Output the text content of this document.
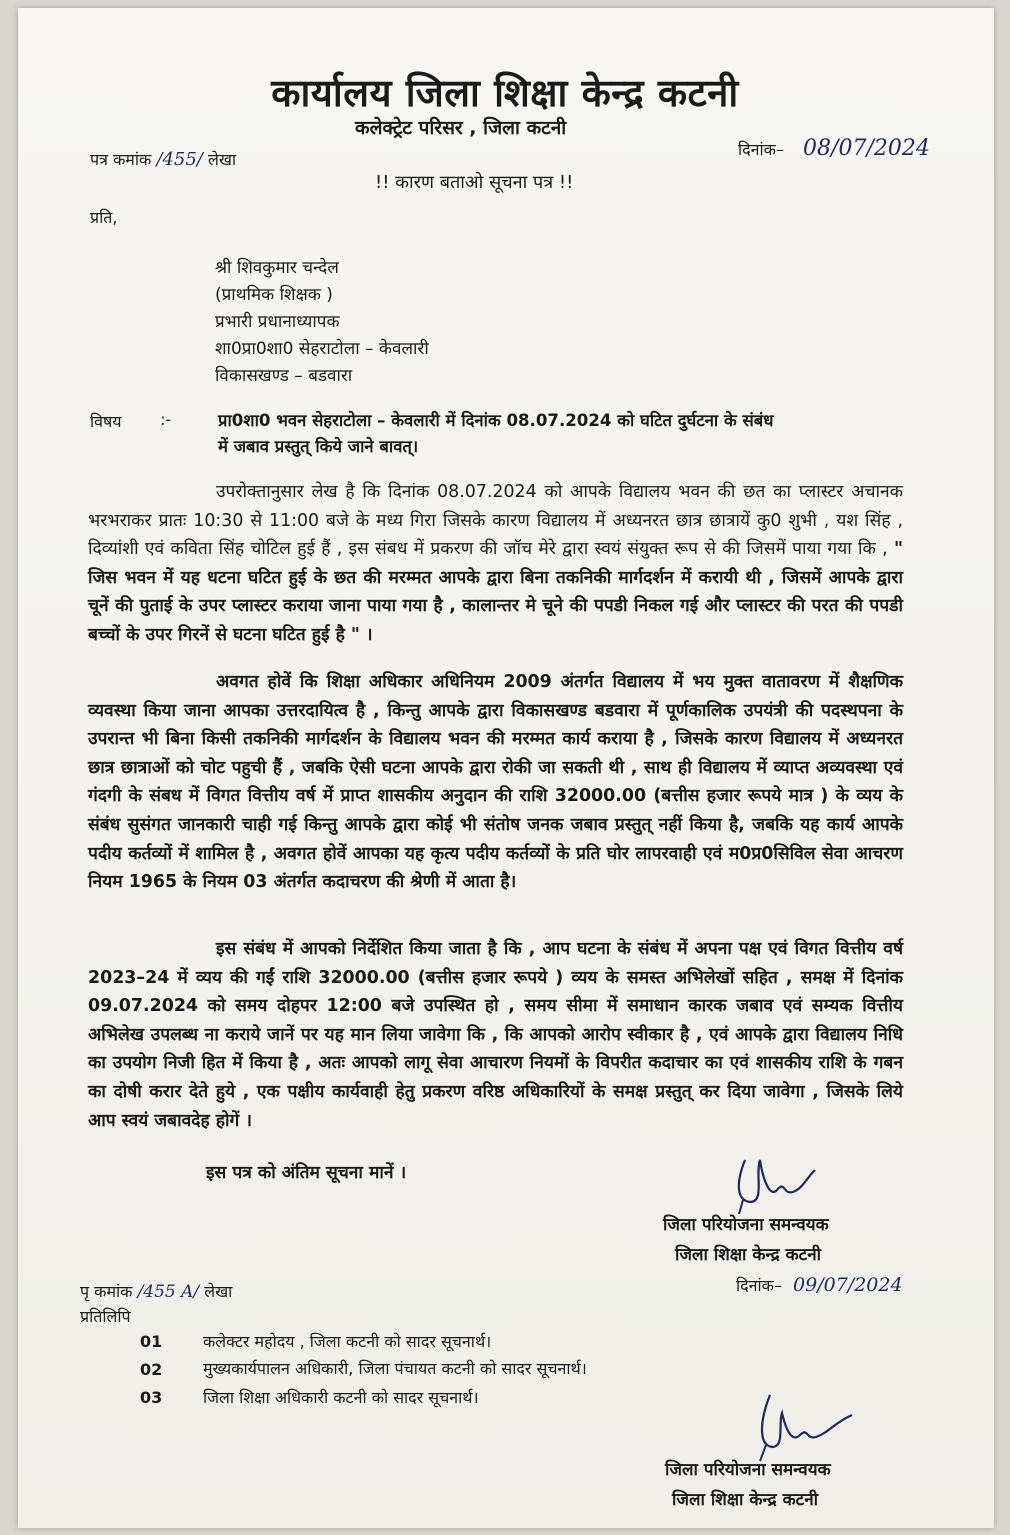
कार्यालय जिला शिक्षा केन्द्र कटनी
कलेक्ट्रेट परिसर , जिला कटनी
पत्र कमांक /455/ लेखा
दिनांक– 08/07/2024
!! कारण बताओ सूचना पत्र !!
प्रति,
श्री शिवकुमार चन्देल
(प्राथमिक शिक्षक )
प्रभारी प्रधानाध्यापक
शा0प्रा0शा0 सेहराटोला – केवलारी
विकासखण्ड – बडवारा
विषय :-	प्रा0शा0 भवन सेहराटोला – केवलारी में दिनांक 08.07.2024 को घटित दुर्घटना के संबंध
में जबाव प्रस्तुत् किये जाने बावत्।
उपरोक्तानुसार लेख है कि दिनांक 08.07.2024 को आपके विद्यालय भवन की छत का प्लास्टर अचानक भरभराकर प्रातः 10:30 से 11:00 बजे के मध्य गिरा जिसके कारण विद्यालय में अध्यनरत छात्र छात्रायें कु0 शुभी , यश सिंह , दिव्यांशी एवं कविता सिंह चोटिल हुई हैं , इस संबध में प्रकरण की जॉच मेरे द्वारा स्वयं संयुक्त रूप से की जिसमें पाया गया कि , " जिस भवन में यह धटना घटित हुई के छत की मरम्मत आपके द्वारा बिना तकनिकी मार्गदर्शन में करायी थी , जिसमें आपके द्वारा चूनें की पुताई के उपर प्लास्टर कराया जाना पाया गया है , कालान्तर मे चूने की पपडी निकल गई और प्लास्टर की परत की पपडी बच्चों के उपर गिरनें से घटना घटित हुई है " ।
अवगत होवें कि शिक्षा अधिकार अधिनियम 2009 अंतर्गत विद्यालय में भय मुक्त वातावरण में शैक्षणिक व्यवस्था किया जाना आपका उत्तरदायित्व है , किन्तु आपके द्वारा विकासखण्ड बडवारा में पूर्णकालिक उपयंत्री की पदस्थपना के उपरान्त भी बिना किसी तकनिकी मार्गदर्शन के विद्यालय भवन की मरम्मत कार्य कराया है , जिसके कारण विद्यालय में अध्यनरत छात्र छात्राओं को चोट पहुची हैं , जबकि ऐसी घटना आपके द्वारा रोकी जा सकती थी , साथ ही विद्यालय में व्याप्त अव्यवस्था एवं गंदगी के संबध में विगत वित्तीय वर्ष में प्राप्त शासकीय अनुदान की राशि 32000.00 (बत्तीस हजार रूपये मात्र ) के व्यय के संबंध सुसंगत जानकारी चाही गई किन्तु आपके द्वारा कोई भी संतोष जनक जबाव प्रस्तुत् नहीं किया है, जबकि यह कार्य आपके पदीय कर्तव्यों में शामिल है , अवगत होवें आपका यह कृत्य पदीय कर्तव्यों के प्रति घोर लापरवाही एवं म0प्र0सिविल सेवा आचरण नियम 1965 के नियम 03 अंतर्गत कदाचरण की श्रेणी में आता है।
इस संबंध में आपको निर्देशित किया जाता है कि , आप घटना के संबंध में अपना पक्ष एवं विगत वित्तीय वर्ष 2023–24 में व्यय की गईं राशि 32000.00 (बत्तीस हजार रूपये ) व्यय के समस्त अभिलेखों सहित , समक्ष में दिनांक 09.07.2024 को समय दोहपर 12:00 बजे उपस्थित हो , समय सीमा में समाधान कारक जबाव एवं सम्यक वित्तीय अभिलेख उपलब्ध ना कराये जानें पर यह मान लिया जावेगा कि , कि आपको आरोप स्वीकार है , एवं आपके द्वारा विद्यालय निधि का उपयोग निजी हित में किया है , अतः आपको लागू सेवा आचारण नियमों के विपरीत कदाचार का एवं शासकीय राशि के गबन का दोषी करार देते हुये , एक पक्षीय कार्यवाही हेतु प्रकरण वरिष्ठ अधिकारियों के समक्ष प्रस्तुत् कर दिया जावेगा , जिसके लिये आप स्वयं जबावदेह होगें ।
इस पत्र को अंतिम सूचना मानें ।
जिला परियोजना समन्वयक
जिला शिक्षा केन्द्र कटनी
दिनांक– 09/07/2024
पृ कमांक /455 A/ लेखा
प्रतिलिपि
01	कलेक्टर महोदय , जिला कटनी को सादर सूचनार्थ।
02	मुख्यकार्यपालन अधिकारी, जिला पंचायत कटनी को सादर सूचनार्थ।
03	जिला शिक्षा अधिकारी कटनी को सादर सूचनार्थ।
जिला परियोजना समन्वयक
जिला शिक्षा केन्द्र कटनी
